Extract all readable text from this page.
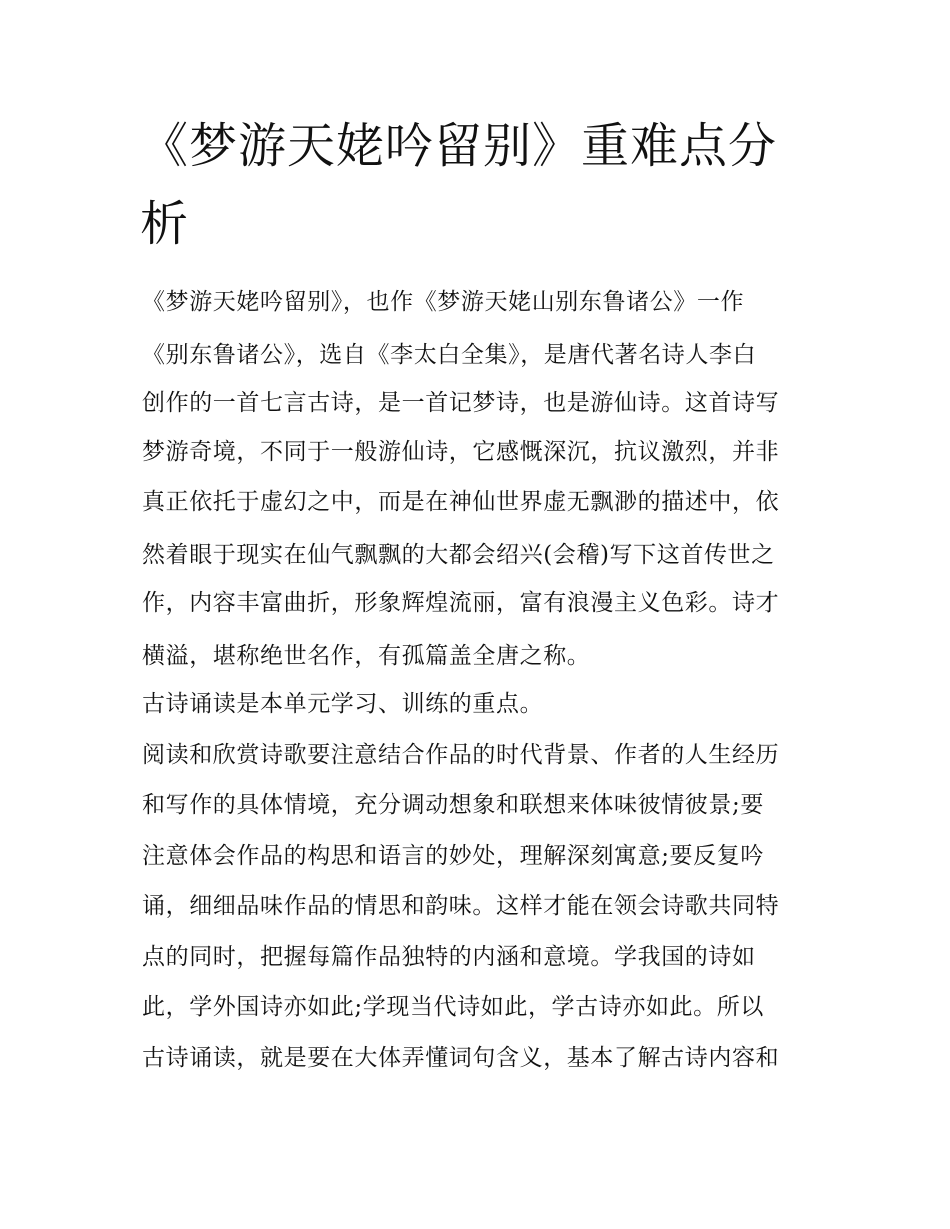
《梦游天姥吟留别》重难点分
析
《梦游天姥吟留别》，也作《梦游天姥山别东鲁诸公》一作
《别东鲁诸公》，选自《李太白全集》，是唐代著名诗人李白
创作的一首七言古诗，是一首记梦诗，也是游仙诗。这首诗写
梦游奇境，不同于一般游仙诗，它感慨深沉，抗议激烈，并非
真正依托于虚幻之中，而是在神仙世界虚无飘渺的描述中，依
然着眼于现实在仙气飘飘的大都会绍兴(会稽)写下这首传世之
作，内容丰富曲折，形象辉煌流丽，富有浪漫主义色彩。诗才
横溢，堪称绝世名作，有孤篇盖全唐之称。
古诗诵读是本单元学习、训练的重点。
阅读和欣赏诗歌要注意结合作品的时代背景、作者的人生经历
和写作的具体情境，充分调动想象和联想来体味彼情彼景;要
注意体会作品的构思和语言的妙处，理解深刻寓意;要反复吟
诵，细细品味作品的情思和韵味。这样才能在领会诗歌共同特
点的同时，把握每篇作品独特的内涵和意境。学我国的诗如
此，学外国诗亦如此;学现当代诗如此，学古诗亦如此。所以
古诗诵读，就是要在大体弄懂词句含义，基本了解古诗内容和
